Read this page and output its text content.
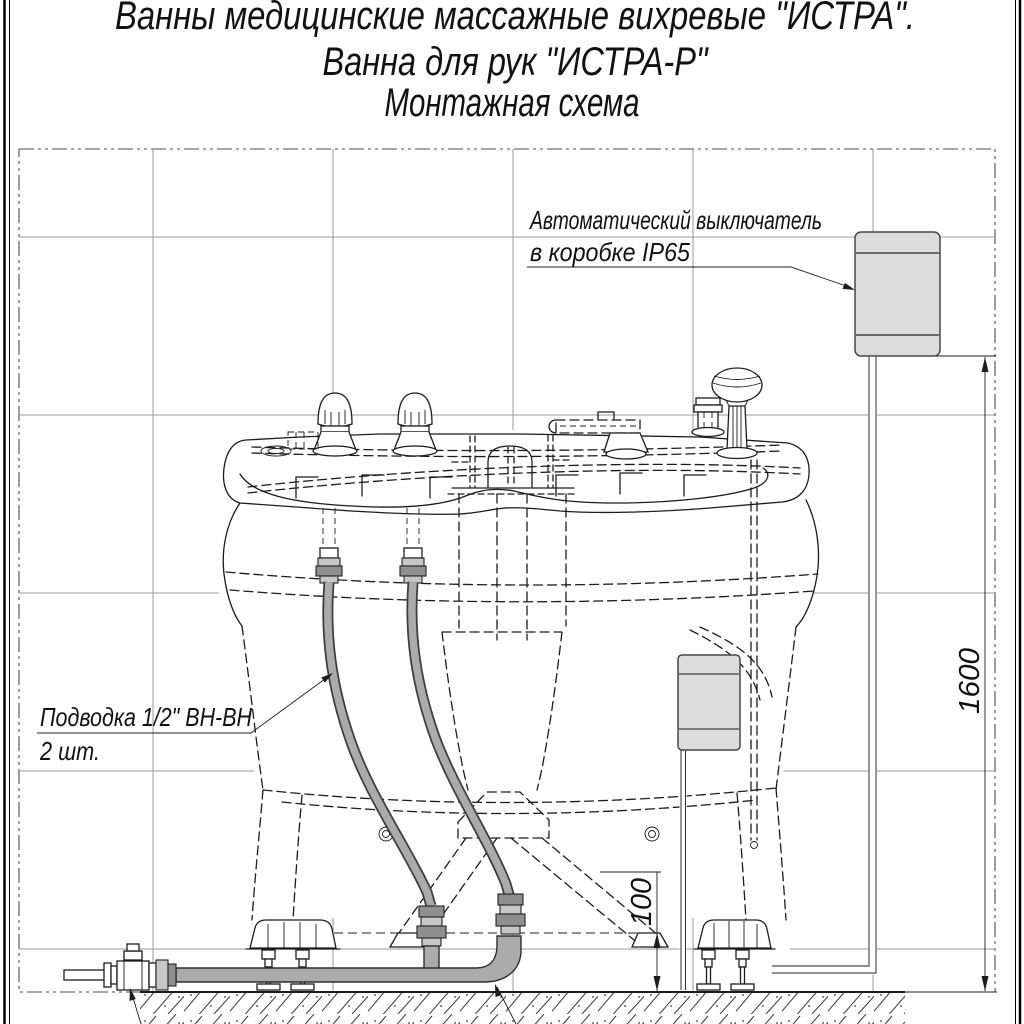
Ванны медицинские массажные вихревые "ИСТРА".
Ванна для рук "ИСТРА-Р"
Монтажная схема
1600
100
Автоматический выключатель
в коробке IP65
Подводка 1/2" ВН-ВН
2 шт.
